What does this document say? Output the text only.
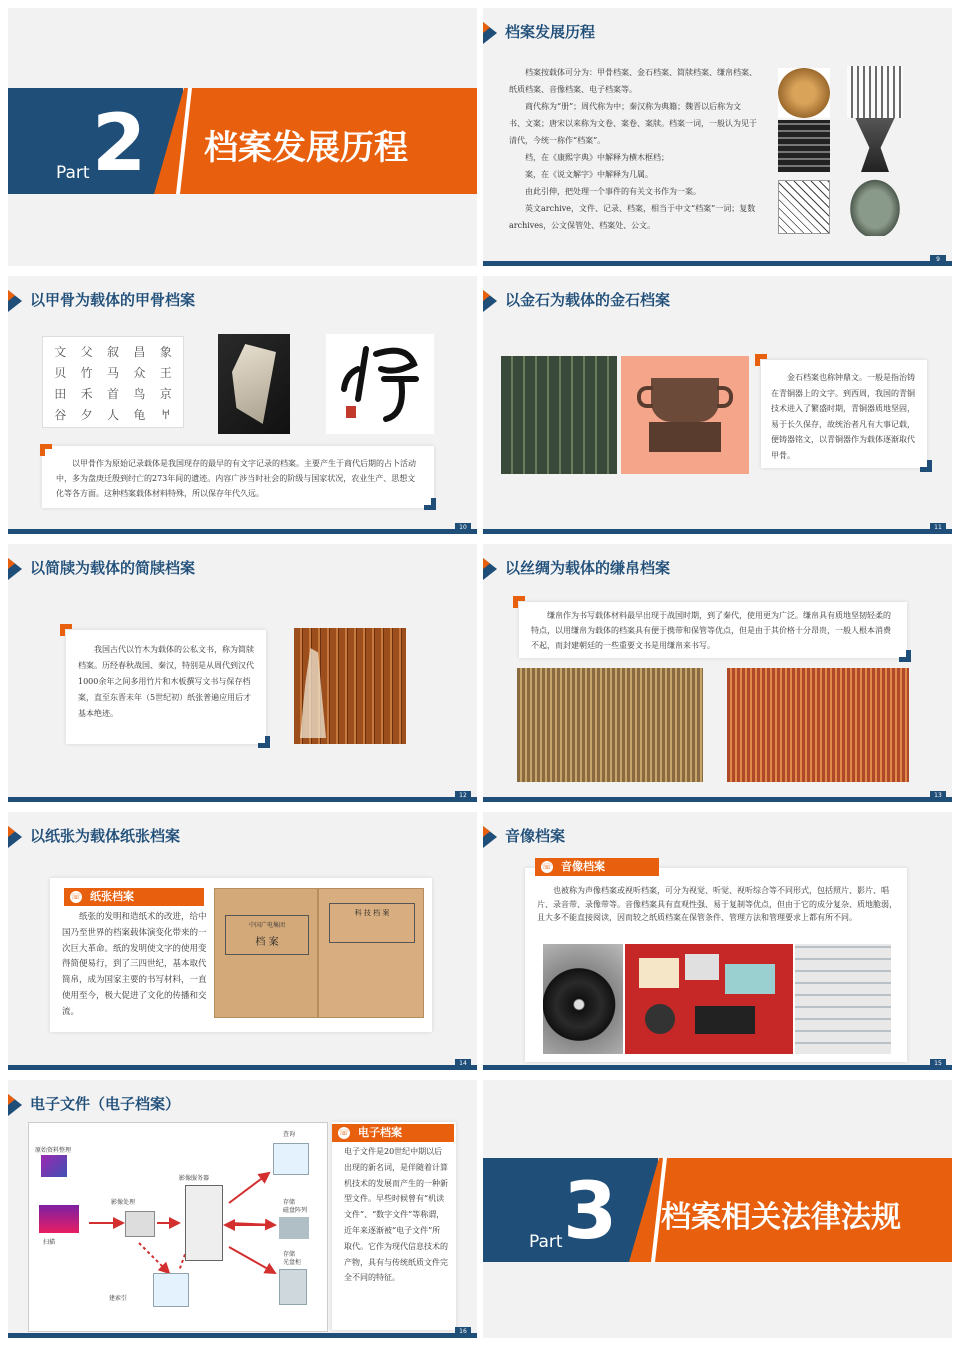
Part 2 档案发展历程
档案发展历程

档案按载体可分为：甲骨档案、金石档案、简牍档案、缣帛档案、纸质档案、音像档案、电子档案等。

商代称为“册”；周代称为中；秦汉称为典籍；魏晋以后称为文书、文案；唐宋以来称为文卷、案卷、案牍。档案一词，一般认为见于清代，今统一称作“档案”。

档，在《康熙字典》中解释为横木框档；

案，在《说文解字》中解释为几属。

由此引伸，把处理一个事件的有关文书作为一案。

英文archive，文件、记录、档案，相当于中文“档案”一词；复数archives，公文保管处、档案处、公文。

9
以甲骨为载体的甲骨档案
文	父	叙	昌	象
贝	竹	马	众	王
田	禾	首	鸟	京
谷	夕	人	龟	𐀀
以甲骨作为原始记录载体是我国现存的最早的有文字记录的档案。主要产生于商代后期的占卜活动中，多为盘庚迁殷到纣亡的273年间的遗迹。内容广涉当时社会的阶级与国家状况，农业生产、思想文化等各方面。这种档案载体材料特殊，所以保存年代久远。
10
以金石为载体的金石档案
金石档案也称钟鼎文。一般是指治铸在青铜器上的文字。到西周，我国的青铜技术进入了繁盛时期，青铜器质地坚固，易于长久保存，故统治者凡有大事记载，便铸器铭文，以青铜器作为载体逐渐取代甲骨。
11
以简牍为载体的简牍档案
我国古代以竹木为载体的公私文书，称为简牍档案。历经春秋战国、秦汉，特别是从周代到汉代1000余年之间多用竹片和木板撰写文书与保存档案，直至东晋末年（5世纪初）纸张普遍应用后才基本绝迹。
12
以丝绸为载体的缣帛档案
缣帛作为书写载体材料最早出现于战国时期，到了秦代，使用更为广泛。缣帛具有质地坚韧轻柔的特点，以用缣帛为载体的档案具有便于携带和保管等优点，但是由于其价格十分昂贵，一般人根本消费不起，而封建朝廷的一些重要文书是用缣帛来书写。
13
以纸张为载体纸张档案
☏ 纸张档案
纸张的发明和造纸术的改进，给中国乃至世界的档案载体演变化带来的一次巨大革命。纸的发明使文字的使用变得简便易行，到了三四世纪，基本取代简帛，成为国家主要的书写材料，一直使用至今，极大促进了文化的传播和交流。
中国广电集团
档 案
科 技 档 案
14
音像档案
☏ 音像档案
也被称为声像档案或视听档案，可分为视觉、听觉、视听综合等不同形式，包括照片、影片、唱片、录音带、录像带等。音像档案具有直观性强、易于复制等优点，但由于它的成分复杂、质地脆弱，且大多不能直接阅读，因而较之纸质档案在保管条件、管理方法和管理要求上都有所不同。
15
电子文件（电子档案）
原始资料整理
扫描
影像处理
影像服务器
查询
存储
磁盘阵列
存储
光盘柜
建索引
☏ 电子档案
电子文件是20世纪中期以后出现的新名词，是伴随着计算机技术的发展而产生的一种新型文件。早些时候曾有“机读文件”、“数字文件”等称谓，近年来逐渐被“电子文件”所取代。它作为现代信息技术的产物，具有与传统纸质文件完全不同的特征。
16
Part 3 档案相关法律法规
